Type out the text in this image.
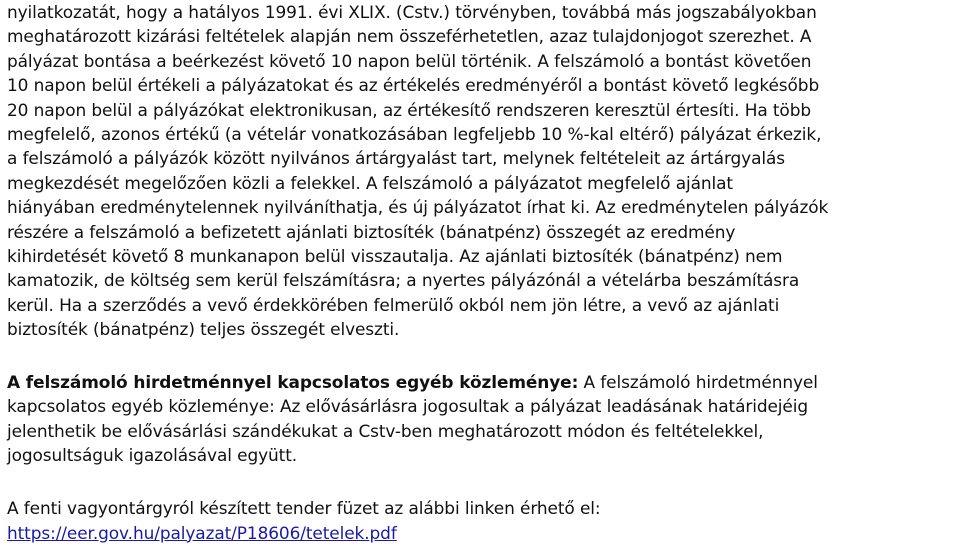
nyilatkozatát, hogy a hatályos 1991. évi XLIX. (Cstv.) törvényben, továbbá más jogszabályokban
meghatározott kizárási feltételek alapján nem összeférhetetlen, azaz tulajdonjogot szerezhet. A
pályázat bontása a beérkezést követő 10 napon belül történik. A felszámoló a bontást követően
10 napon belül értékeli a pályázatokat és az értékelés eredményéről a bontást követő legkésőbb
20 napon belül a pályázókat elektronikusan, az értékesítő rendszeren keresztül értesíti. Ha több
megfelelő, azonos értékű (a vételár vonatkozásában legfeljebb 10 %-kal eltérő) pályázat érkezik,
a felszámoló a pályázók között nyilvános ártárgyalást tart, melynek feltételeit az ártárgyalás
megkezdését megelőzően közli a felekkel. A felszámoló a pályázatot megfelelő ajánlat
hiányában eredménytelennek nyilváníthatja, és új pályázatot írhat ki. Az eredménytelen pályázók
részére a felszámoló a befizetett ajánlati biztosíték (bánatpénz) összegét az eredmény
kihirdetését követő 8 munkanapon belül visszautalja. Az ajánlati biztosíték (bánatpénz) nem
kamatozik, de költség sem kerül felszámításra; a nyertes pályázónál a vételárba beszámításra
kerül. Ha a szerződés a vevő érdekkörében felmerülő okból nem jön létre, a vevő az ajánlati
biztosíték (bánatpénz) teljes összegét elveszti.
A felszámoló hirdetménnyel kapcsolatos egyéb közleménye: A felszámoló hirdetménnyel
kapcsolatos egyéb közleménye: Az elővásárlásra jogosultak a pályázat leadásának határidejéig
jelenthetik be elővásárlási szándékukat a Cstv-ben meghatározott módon és feltételekkel,
jogosultságuk igazolásával együtt.
A fenti vagyontárgyról készített tender füzet az alábbi linken érhető el:
https://eer.gov.hu/palyazat/P18606/tetelek.pdf
